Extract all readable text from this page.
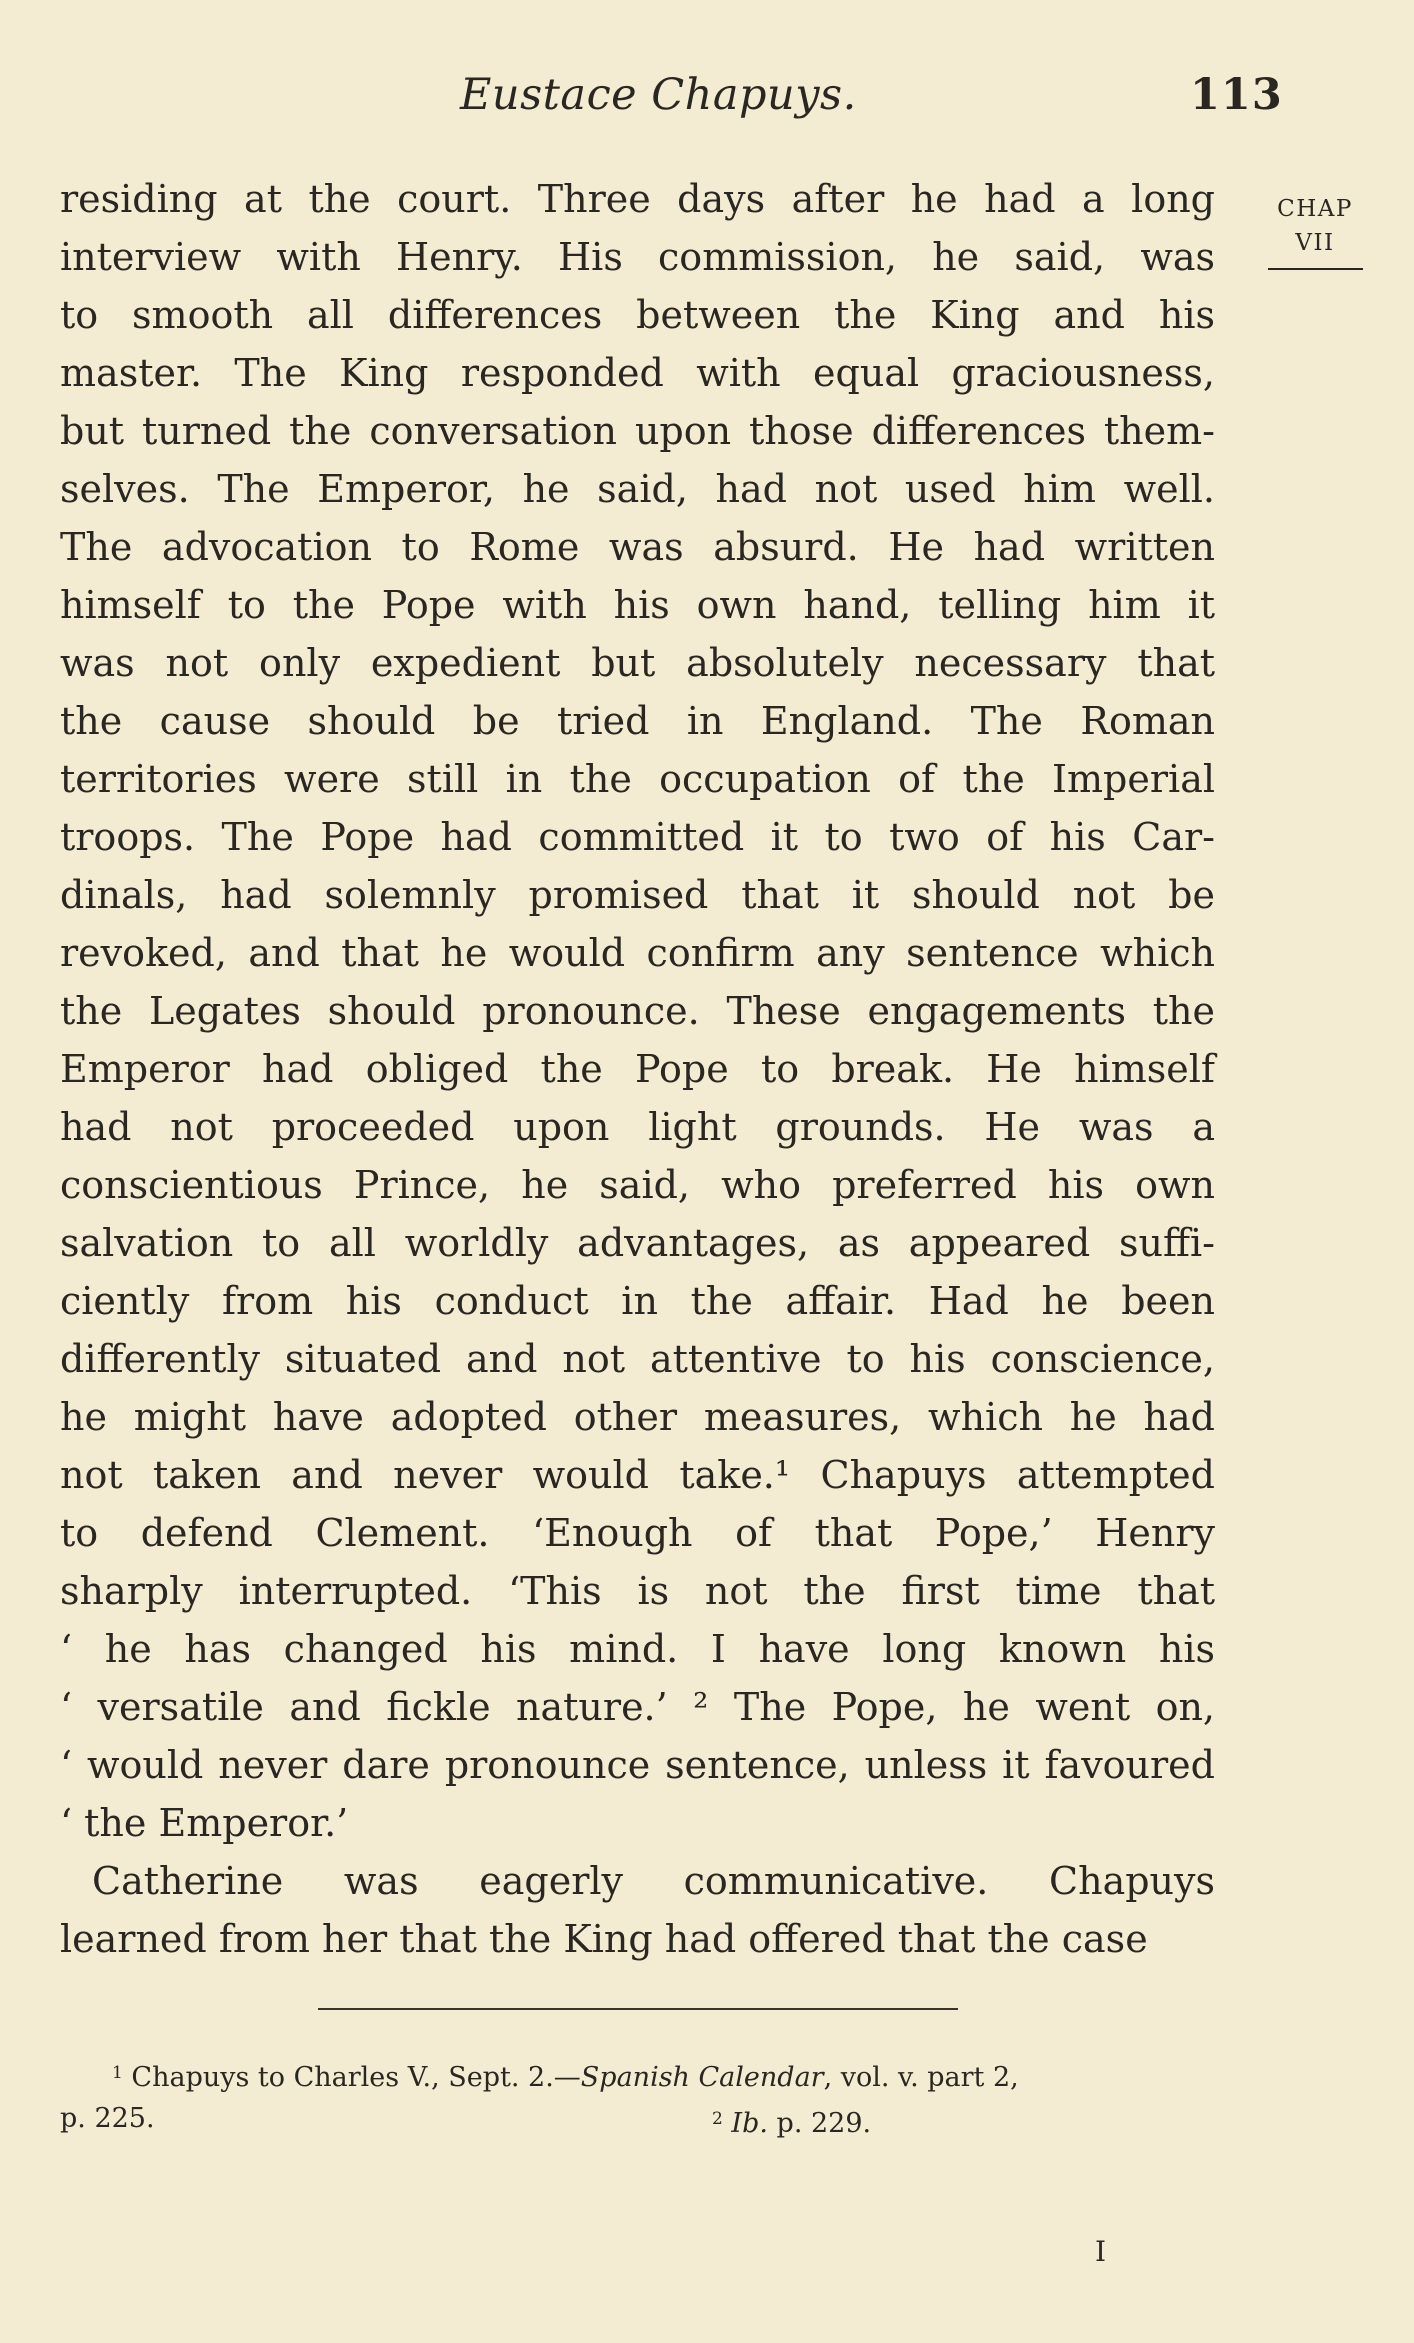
Eustace Chapuys.	113
CHAP
VII
residing at the court. Three days after he had a long
interview with Henry. His commission, he said, was
to smooth all differences between the King and his
master. The King responded with equal graciousness,
but turned the conversation upon those differences them-
selves. The Emperor, he said, had not used him well.
The advocation to Rome was absurd. He had written
himself to the Pope with his own hand, telling him it
was not only expedient but absolutely necessary that
the cause should be tried in England. The Roman
territories were still in the occupation of the Imperial
troops. The Pope had committed it to two of his Car-
dinals, had solemnly promised that it should not be
revoked, and that he would confirm any sentence which
the Legates should pronounce. These engagements the
Emperor had obliged the Pope to break. He himself
had not proceeded upon light grounds. He was a
conscientious Prince, he said, who preferred his own
salvation to all worldly advantages, as appeared suffi-
ciently from his conduct in the affair. Had he been
differently situated and not attentive to his conscience,
he might have adopted other measures, which he had
not taken and never would take.¹ Chapuys attempted
to defend Clement. ‘Enough of that Pope,’ Henry
sharply interrupted. ‘This is not the first time that
‘ he has changed his mind. I have long known his
‘ versatile and fickle nature.’ ² The Pope, he went on,
‘ would never dare pronounce sentence, unless it favoured
‘ the Emperor.’
Catherine was eagerly communicative. Chapuys
learned from her that the King had offered that the case
$^1$ Chapuys to Charles V., Sept. 2.—Spanish Calendar, vol. v. part 2,
p. 225.	$^2$ Ib. p. 229.
I
